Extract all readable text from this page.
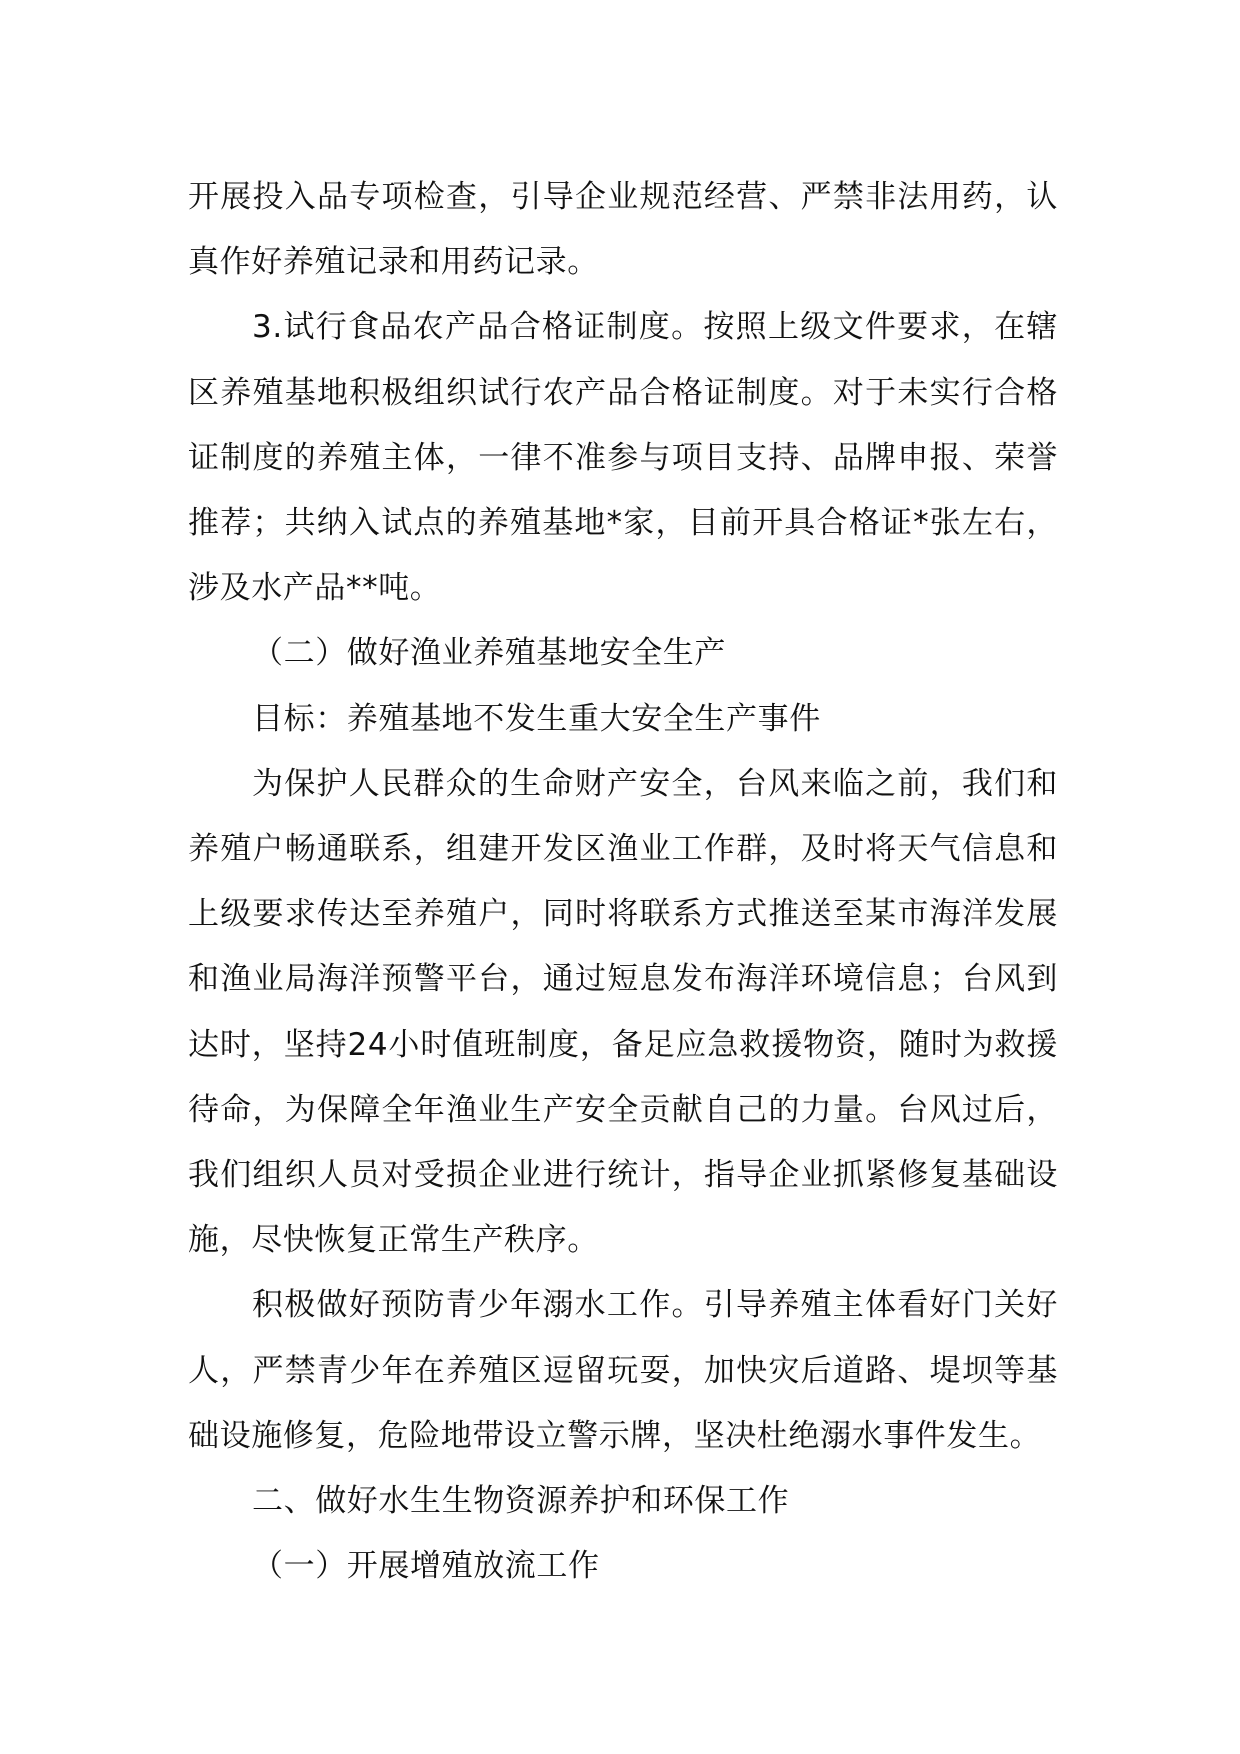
开展投入品专项检查，引导企业规范经营、严禁非法用药，认真作好养殖记录和用药记录。

3.试行食品农产品合格证制度。按照上级文件要求，在辖区养殖基地积极组织试行农产品合格证制度。对于未实行合格证制度的养殖主体，一律不准参与项目支持、品牌申报、荣誉推荐；共纳入试点的养殖基地*家，目前开具合格证*张左右，涉及水产品**吨。

（二）做好渔业养殖基地安全生产

目标：养殖基地不发生重大安全生产事件

为保护人民群众的生命财产安全，台风来临之前，我们和养殖户畅通联系，组建开发区渔业工作群，及时将天气信息和上级要求传达至养殖户，同时将联系方式推送至某市海洋发展和渔业局海洋预警平台，通过短息发布海洋环境信息；台风到达时，坚持24小时值班制度，备足应急救援物资，随时为救援待命，为保障全年渔业生产安全贡献自己的力量。台风过后，我们组织人员对受损企业进行统计，指导企业抓紧修复基础设施，尽快恢复正常生产秩序。

积极做好预防青少年溺水工作。引导养殖主体看好门关好人，严禁青少年在养殖区逗留玩耍，加快灾后道路、堤坝等基础设施修复，危险地带设立警示牌，坚决杜绝溺水事件发生。

二、做好水生生物资源养护和环保工作

（一）开展增殖放流工作
